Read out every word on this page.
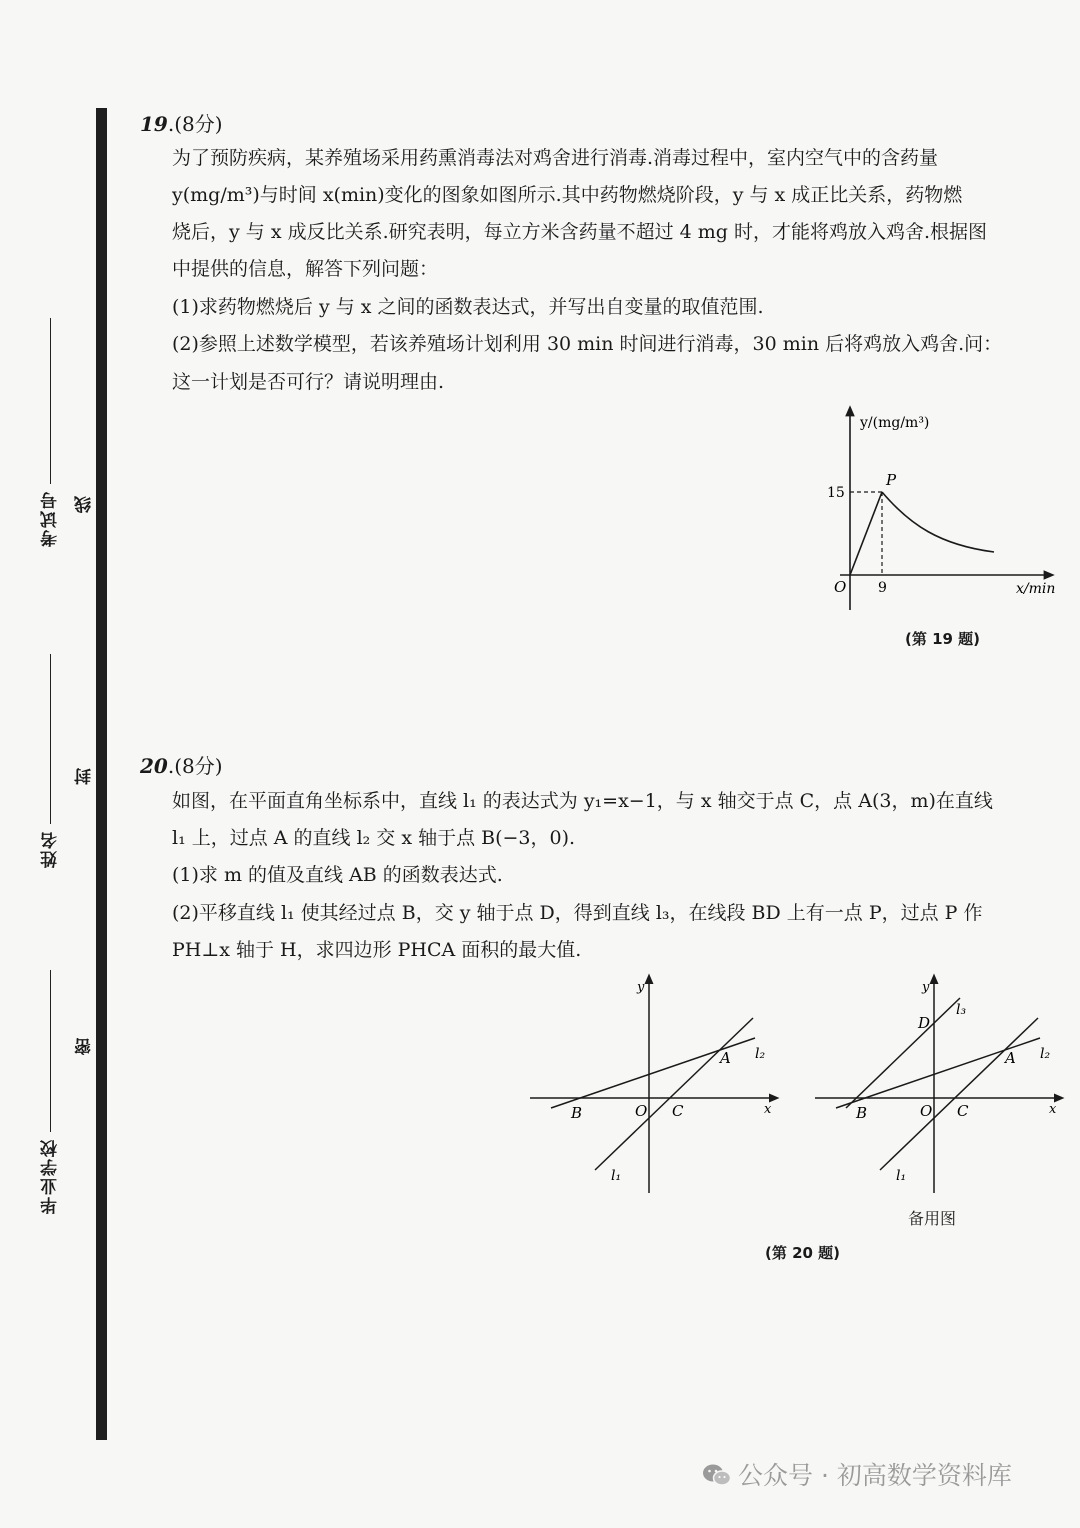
考试号
姓名
毕业学校
线
封
密
19.(8分)
为了预防疾病，某养殖场采用药熏消毒法对鸡舍进行消毒.消毒过程中，室内空气中的含药量
y(mg/m³)与时间 x(min)变化的图象如图所示.其中药物燃烧阶段，y 与 x 成正比关系，药物燃
烧后，y 与 x 成反比关系.研究表明，每立方米含药量不超过 4 mg 时，才能将鸡放入鸡舍.根据图
中提供的信息，解答下列问题：
(1)求药物燃烧后 y 与 x 之间的函数表达式，并写出自变量的取值范围.
(2)参照上述数学模型，若该养殖场计划利用 30 min 时间进行消毒，30 min 后将鸡放入鸡舍.问：
这一计划是否可行？请说明理由.
y/(mg/m³)
x/min
O
P
15
9
(第 19 题)
20.(8分)
如图，在平面直角坐标系中，直线 l₁ 的表达式为 y₁=x−1，与 x 轴交于点 C，点 A(3，m)在直线
l₁ 上，过点 A 的直线 l₂ 交 x 轴于点 B(−3，0).
(1)求 m 的值及直线 AB 的函数表达式.
(2)平移直线 l₁ 使其经过点 B，交 y 轴于点 D，得到直线 l₃，在线段 BD 上有一点 P，过点 P 作
PH⊥x 轴于 H，求四边形 PHCA 面积的最大值.
y
x
O
B	C
A l₂
l₁
y
x
O
B	C
A
D
l₂
l₁
l₃
备用图
(第 20 题)
公众号 · 初高数学资料库
